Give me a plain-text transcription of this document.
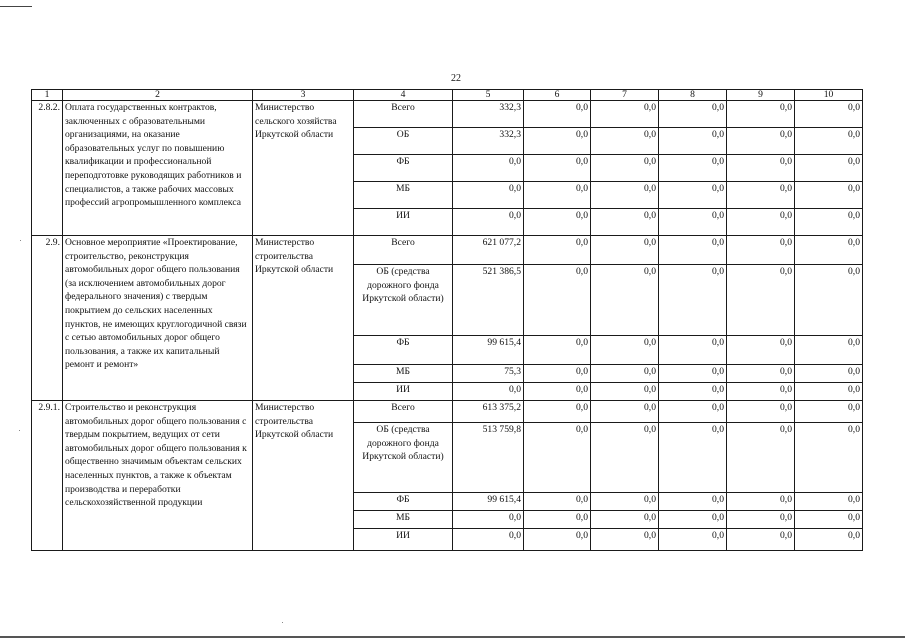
22
1	2	3	4	5	6	7	8	9	10
2.8.2.	Оплата государственных контрактов, заключенных с образовательными организациями, на оказание образовательных услуг по повышению квалификации и профессиональной переподготовке руководящих работников и специалистов, а также рабочих массовых профессий агропромышленного комплекса	Министерство сельского хозяйства Иркутской области	Всего	332,3	0,0	0,0	0,0	0,0	0,0
			ОБ	332,3	0,0	0,0	0,0	0,0	0,0
			ФБ	0,0	0,0	0,0	0,0	0,0	0,0
			МБ	0,0	0,0	0,0	0,0	0,0	0,0
			ИИ	0,0	0,0	0,0	0,0	0,0	0,0
2.9.	Основное мероприятие «Проектирование, строительство, реконструкция автомобильных дорог общего пользования (за исключением автомобильных дорог федерального значения) с твердым покрытием до сельских населенных пунктов, не имеющих круглогодичной связи с сетью автомобильных дорог общего пользования, а также их капитальный ремонт и ремонт»	Министерство строительства Иркутской области	Всего	621 077,2	0,0	0,0	0,0	0,0	0,0
			ОБ (средства дорожного фонда Иркутской области)	521 386,5	0,0	0,0	0,0	0,0	0,0
			ФБ	99 615,4	0,0	0,0	0,0	0,0	0,0
			МБ	75,3	0,0	0,0	0,0	0,0	0,0
			ИИ	0,0	0,0	0,0	0,0	0,0	0,0
2.9.1.	Строительство и реконструкция автомобильных дорог общего пользования с твердым покрытием, ведущих от сети автомобильных дорог общего пользования к общественно значимым объектам сельских населенных пунктов, а также к объектам производства и переработки сельскохозяйственной продукции	Министерство строительства Иркутской области	Всего	613 375,2	0,0	0,0	0,0	0,0	0,0
			ОБ (средства дорожного фонда Иркутской области)	513 759,8	0,0	0,0	0,0	0,0	0,0
			ФБ	99 615,4	0,0	0,0	0,0	0,0	0,0
			МБ	0,0	0,0	0,0	0,0	0,0	0,0
			ИИ	0,0	0,0	0,0	0,0	0,0	0,0
